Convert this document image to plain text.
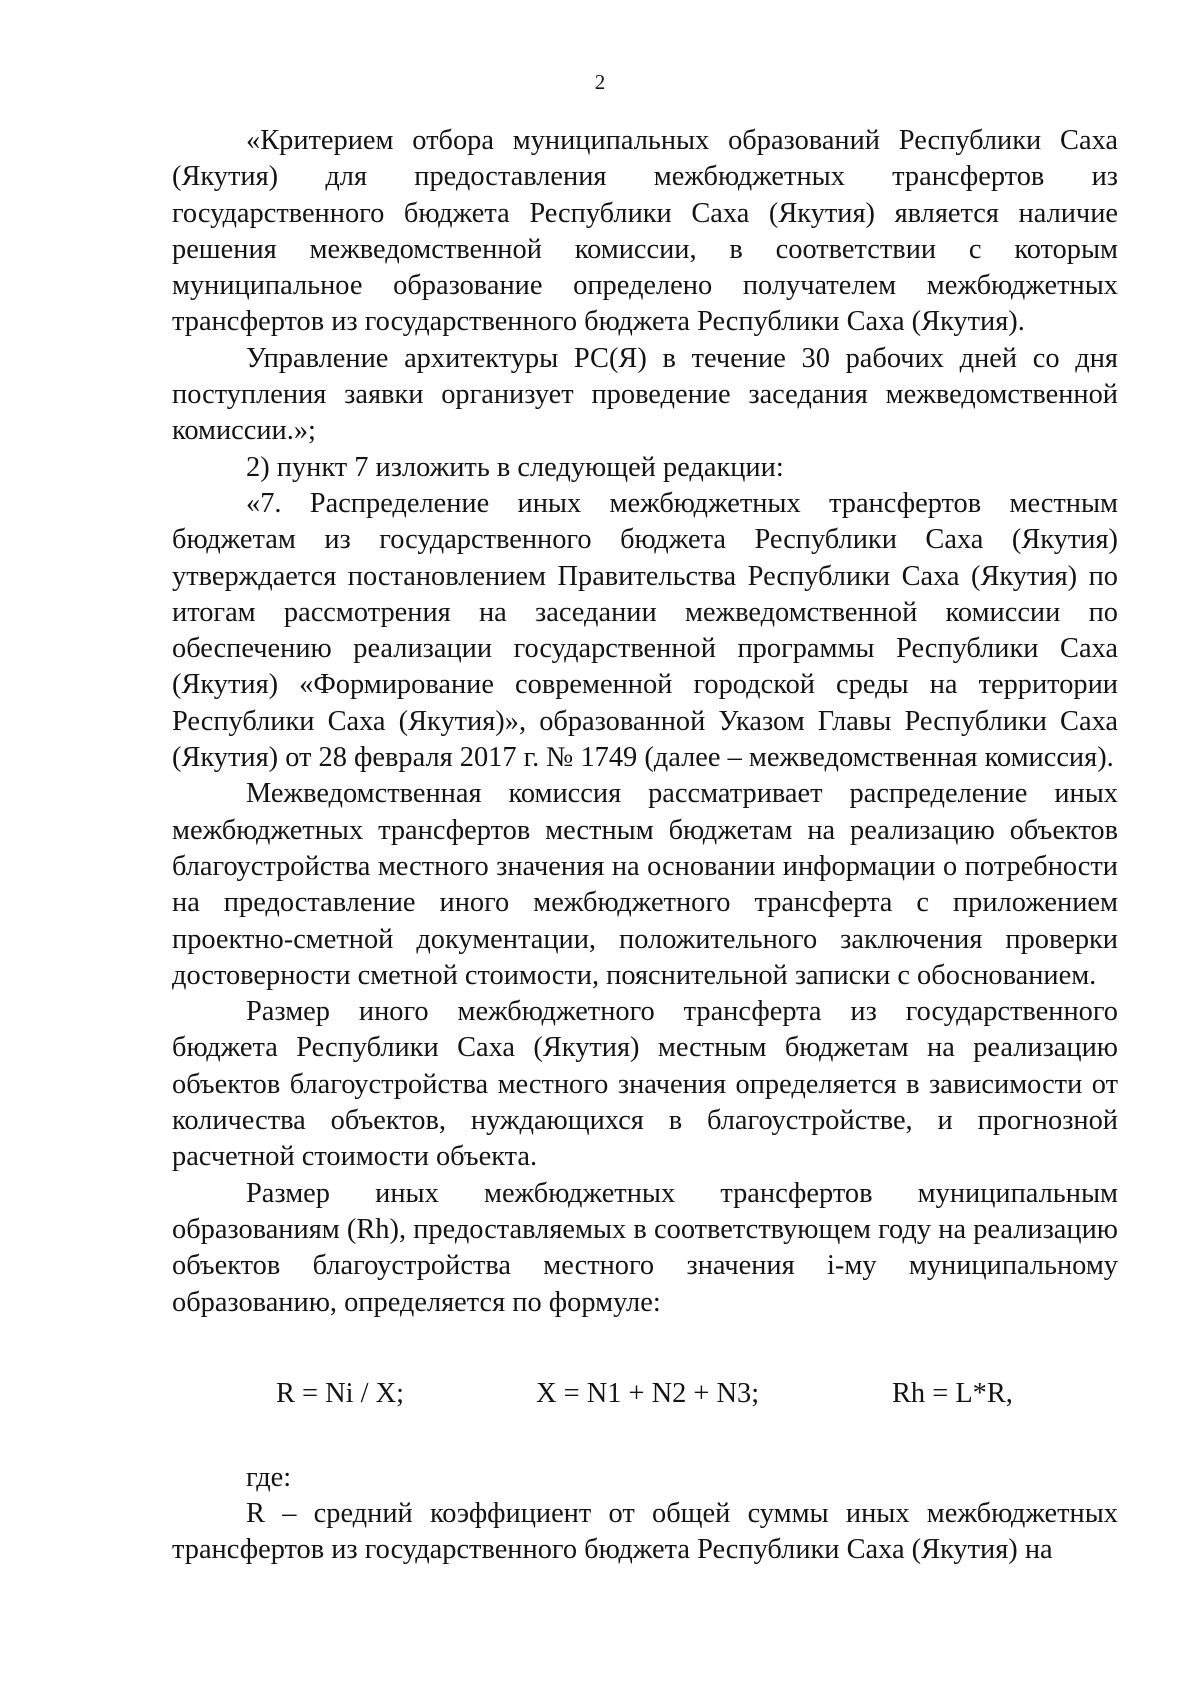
2

«Критерием отбора муниципальных образований Республики Саха (Якутия) для предоставления межбюджетных трансфертов из государственного бюджета Республики Саха (Якутия) является наличие решения межведомственной комиссии, в соответствии с которым муниципальное образование определено получателем межбюджетных трансфертов из государственного бюджета Республики Саха (Якутия).

Управление архитектуры РС(Я) в течение 30 рабочих дней со дня поступления заявки организует проведение заседания межведомственной комиссии.»;

2) пункт 7 изложить в следующей редакции:

«7. Распределение иных межбюджетных трансфертов местным бюджетам из государственного бюджета Республики Саха (Якутия) утверждается постановлением Правительства Республики Саха (Якутия) по итогам рассмотрения на заседании межведомственной комиссии по обеспечению реализации государственной программы Республики Саха (Якутия) «Формирование современной городской среды на территории Республики Саха (Якутия)», образованной Указом Главы Республики Саха (Якутия) от 28 февраля 2017 г. № 1749 (далее – межведомственная комиссия).

Межведомственная комиссия рассматривает распределение иных межбюджетных трансфертов местным бюджетам на реализацию объектов благоустройства местного значения на основании информации о потребности на предоставление иного межбюджетного трансферта с приложением проектно-сметной документации, положительного заключения проверки достоверности сметной стоимости, пояснительной записки с обоснованием.

Размер иного межбюджетного трансферта из государственного бюджета Республики Саха (Якутия) местным бюджетам на реализацию объектов благоустройства местного значения определяется в зависимости от количества объектов, нуждающихся в благоустройстве, и прогнозной расчетной стоимости объекта.

Размер иных межбюджетных трансфертов муниципальным образованиям (Rh), предоставляемых в соответствующем году на реализацию объектов благоустройства местного значения i-му муниципальному образованию, определяется по формуле:

R = Ni / X;	X = N1 + N2 + N3;	Rh = L*R,

где:

R – средний коэффициент от общей суммы иных межбюджетных трансфертов из государственного бюджета Республики Саха (Якутия) на
